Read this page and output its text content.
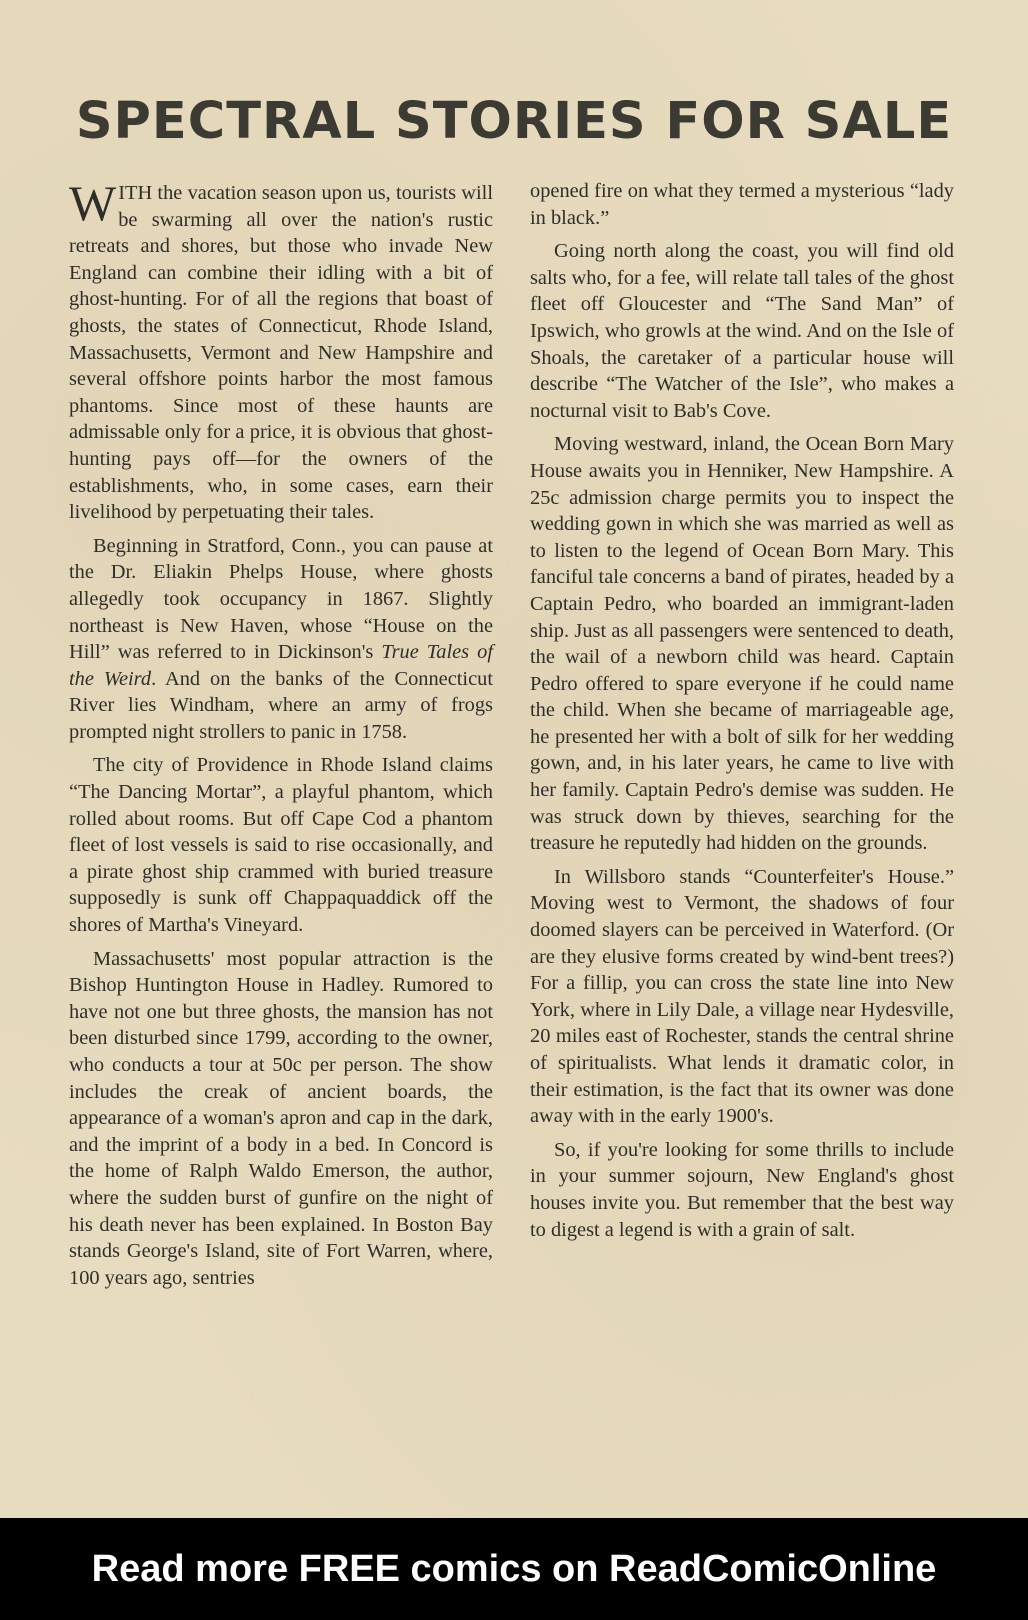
SPECTRAL STORIES FOR SALE

WITH the vacation season upon us, tourists will be swarming all over the nation's rustic retreats and shores, but those who invade New England can combine their idling with a bit of ghost-hunting. For of all the regions that boast of ghosts, the states of Connecticut, Rhode Island, Massachusetts, Vermont and New Hampshire and several offshore points harbor the most famous phantoms. Since most of these haunts are admissable only for a price, it is obvious that ghost-hunting pays off—for the owners of the establishments, who, in some cases, earn their livelihood by perpetuating their tales.

Beginning in Stratford, Conn., you can pause at the Dr. Eliakin Phelps House, where ghosts allegedly took occupancy in 1867. Slightly northeast is New Haven, whose “House on the Hill” was referred to in Dickinson's True Tales of the Weird. And on the banks of the Connecticut River lies Windham, where an army of frogs prompted night strollers to panic in 1758.

The city of Providence in Rhode Island claims “The Dancing Mortar”, a playful phantom, which rolled about rooms. But off Cape Cod a phantom fleet of lost vessels is said to rise occasionally, and a pirate ghost ship crammed with buried treasure supposedly is sunk off Chappaquaddick off the shores of Martha's Vineyard.

Massachusetts' most popular attraction is the Bishop Huntington House in Hadley. Rumored to have not one but three ghosts, the mansion has not been disturbed since 1799, according to the owner, who conducts a tour at 50c per person. The show includes the creak of ancient boards, the appearance of a woman's apron and cap in the dark, and the imprint of a body in a bed. In Concord is the home of Ralph Waldo Emerson, the author, where the sudden burst of gunfire on the night of his death never has been explained. In Boston Bay stands George's Island, site of Fort Warren, where, 100 years ago, sentries

opened fire on what they termed a mysterious “lady in black.”

Going north along the coast, you will find old salts who, for a fee, will relate tall tales of the ghost fleet off Gloucester and “The Sand Man” of Ipswich, who growls at the wind. And on the Isle of Shoals, the caretaker of a particular house will describe “The Watcher of the Isle”, who makes a nocturnal visit to Bab's Cove.

Moving westward, inland, the Ocean Born Mary House awaits you in Henniker, New Hampshire. A 25c admission charge permits you to inspect the wedding gown in which she was married as well as to listen to the legend of Ocean Born Mary. This fanciful tale concerns a band of pirates, headed by a Captain Pedro, who boarded an immigrant-laden ship. Just as all passengers were sentenced to death, the wail of a newborn child was heard. Captain Pedro offered to spare everyone if he could name the child. When she became of marriageable age, he presented her with a bolt of silk for her wedding gown, and, in his later years, he came to live with her family. Captain Pedro's demise was sudden. He was struck down by thieves, searching for the treasure he reputedly had hidden on the grounds.

In Willsboro stands “Counterfeiter's House.” Moving west to Vermont, the shadows of four doomed slayers can be perceived in Waterford. (Or are they elusive forms created by wind-bent trees?) For a fillip, you can cross the state line into New York, where in Lily Dale, a village near Hydesville, 20 miles east of Rochester, stands the central shrine of spiritualists. What lends it dramatic color, in their estimation, is the fact that its owner was done away with in the early 1900's.

So, if you're looking for some thrills to include in your summer sojourn, New England's ghost houses invite you. But remember that the best way to digest a legend is with a grain of salt.

Read more FREE comics on ReadComicOnline
